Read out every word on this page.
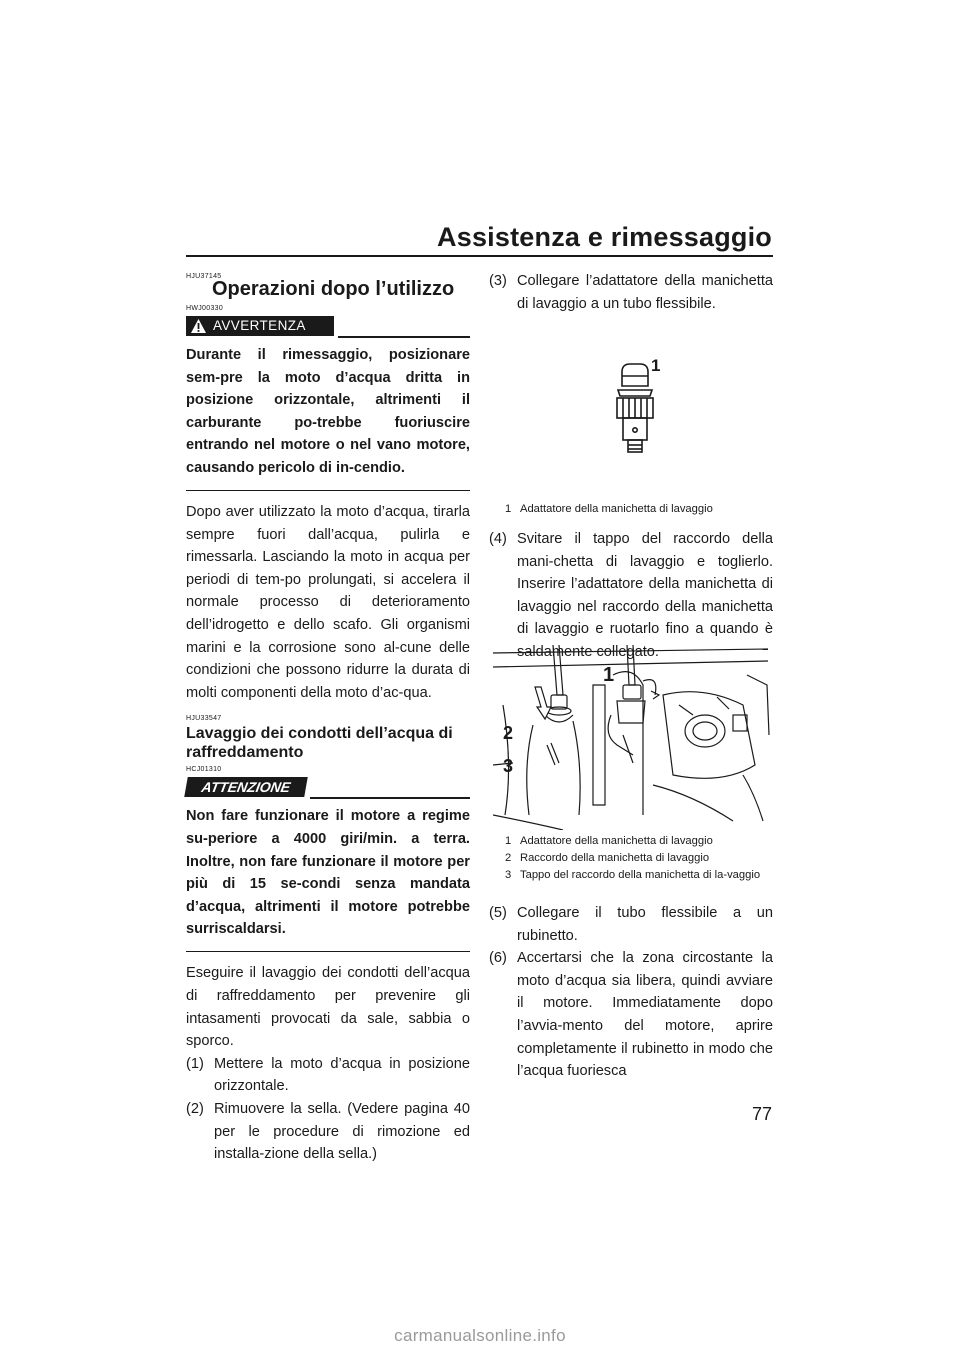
Assistenza e rimessaggio
HJU37145
Operazioni dopo l’utilizzo
HWJ00330
AVVERTENZA

Durante il rimessaggio, posizionare sem-pre la moto d’acqua dritta in posizione orizzontale, altrimenti il carburante po-trebbe fuoriuscire entrando nel motore o nel vano motore, causando pericolo di in-cendio.

Dopo aver utilizzato la moto d’acqua, tirarla sempre fuori dall’acqua, pulirla e rimessarla. Lasciando la moto in acqua per periodi di tem-po prolungati, si accelera il normale processo di deterioramento dell’idrogetto e dello scafo. Gli organismi marini e la corrosione sono al-cune delle condizioni che possono ridurre la durata di molti componenti della moto d’ac-qua.

HJU33547
Lavaggio dei condotti dell’acqua di raffreddamento
HCJ01310
ATTENZIONE

Non fare funzionare il motore a regime su-periore a 4000 giri/min. a terra. Inoltre, non fare funzionare il motore per più di 15 se-condi senza mandata d’acqua, altrimenti il motore potrebbe surriscaldarsi.

Eseguire il lavaggio dei condotti dell’acqua di raffreddamento per prevenire gli intasamenti provocati da sale, sabbia o sporco.

(1) Mettere la moto d’acqua in posizione orizzontale.
(2) Rimuovere la sella. (Vedere pagina 40 per le procedure di rimozione ed installa-zione della sella.)
(3) Collegare l’adattatore della manichetta di lavaggio a un tubo flessibile.
1
1 Adattatore della manichetta di lavaggio
(4) Svitare il tappo del raccordo della mani-chetta di lavaggio e toglierlo. Inserire l’adattatore della manichetta di lavaggio nel raccordo della manichetta di lavaggio e ruotarlo fino a quando è saldamente collegato.
1
2
3
1 Adattatore della manichetta di lavaggio
2 Raccordo della manichetta di lavaggio
3 Tappo del raccordo della manichetta di la-vaggio
(5) Collegare il tubo flessibile a un rubinetto.
(6) Accertarsi che la zona circostante la moto d’acqua sia libera, quindi avviare il motore. Immediatamente dopo l’avvia-mento del motore, aprire completamente il rubinetto in modo che l’acqua fuoriesca
77
carmanualsonline.info
